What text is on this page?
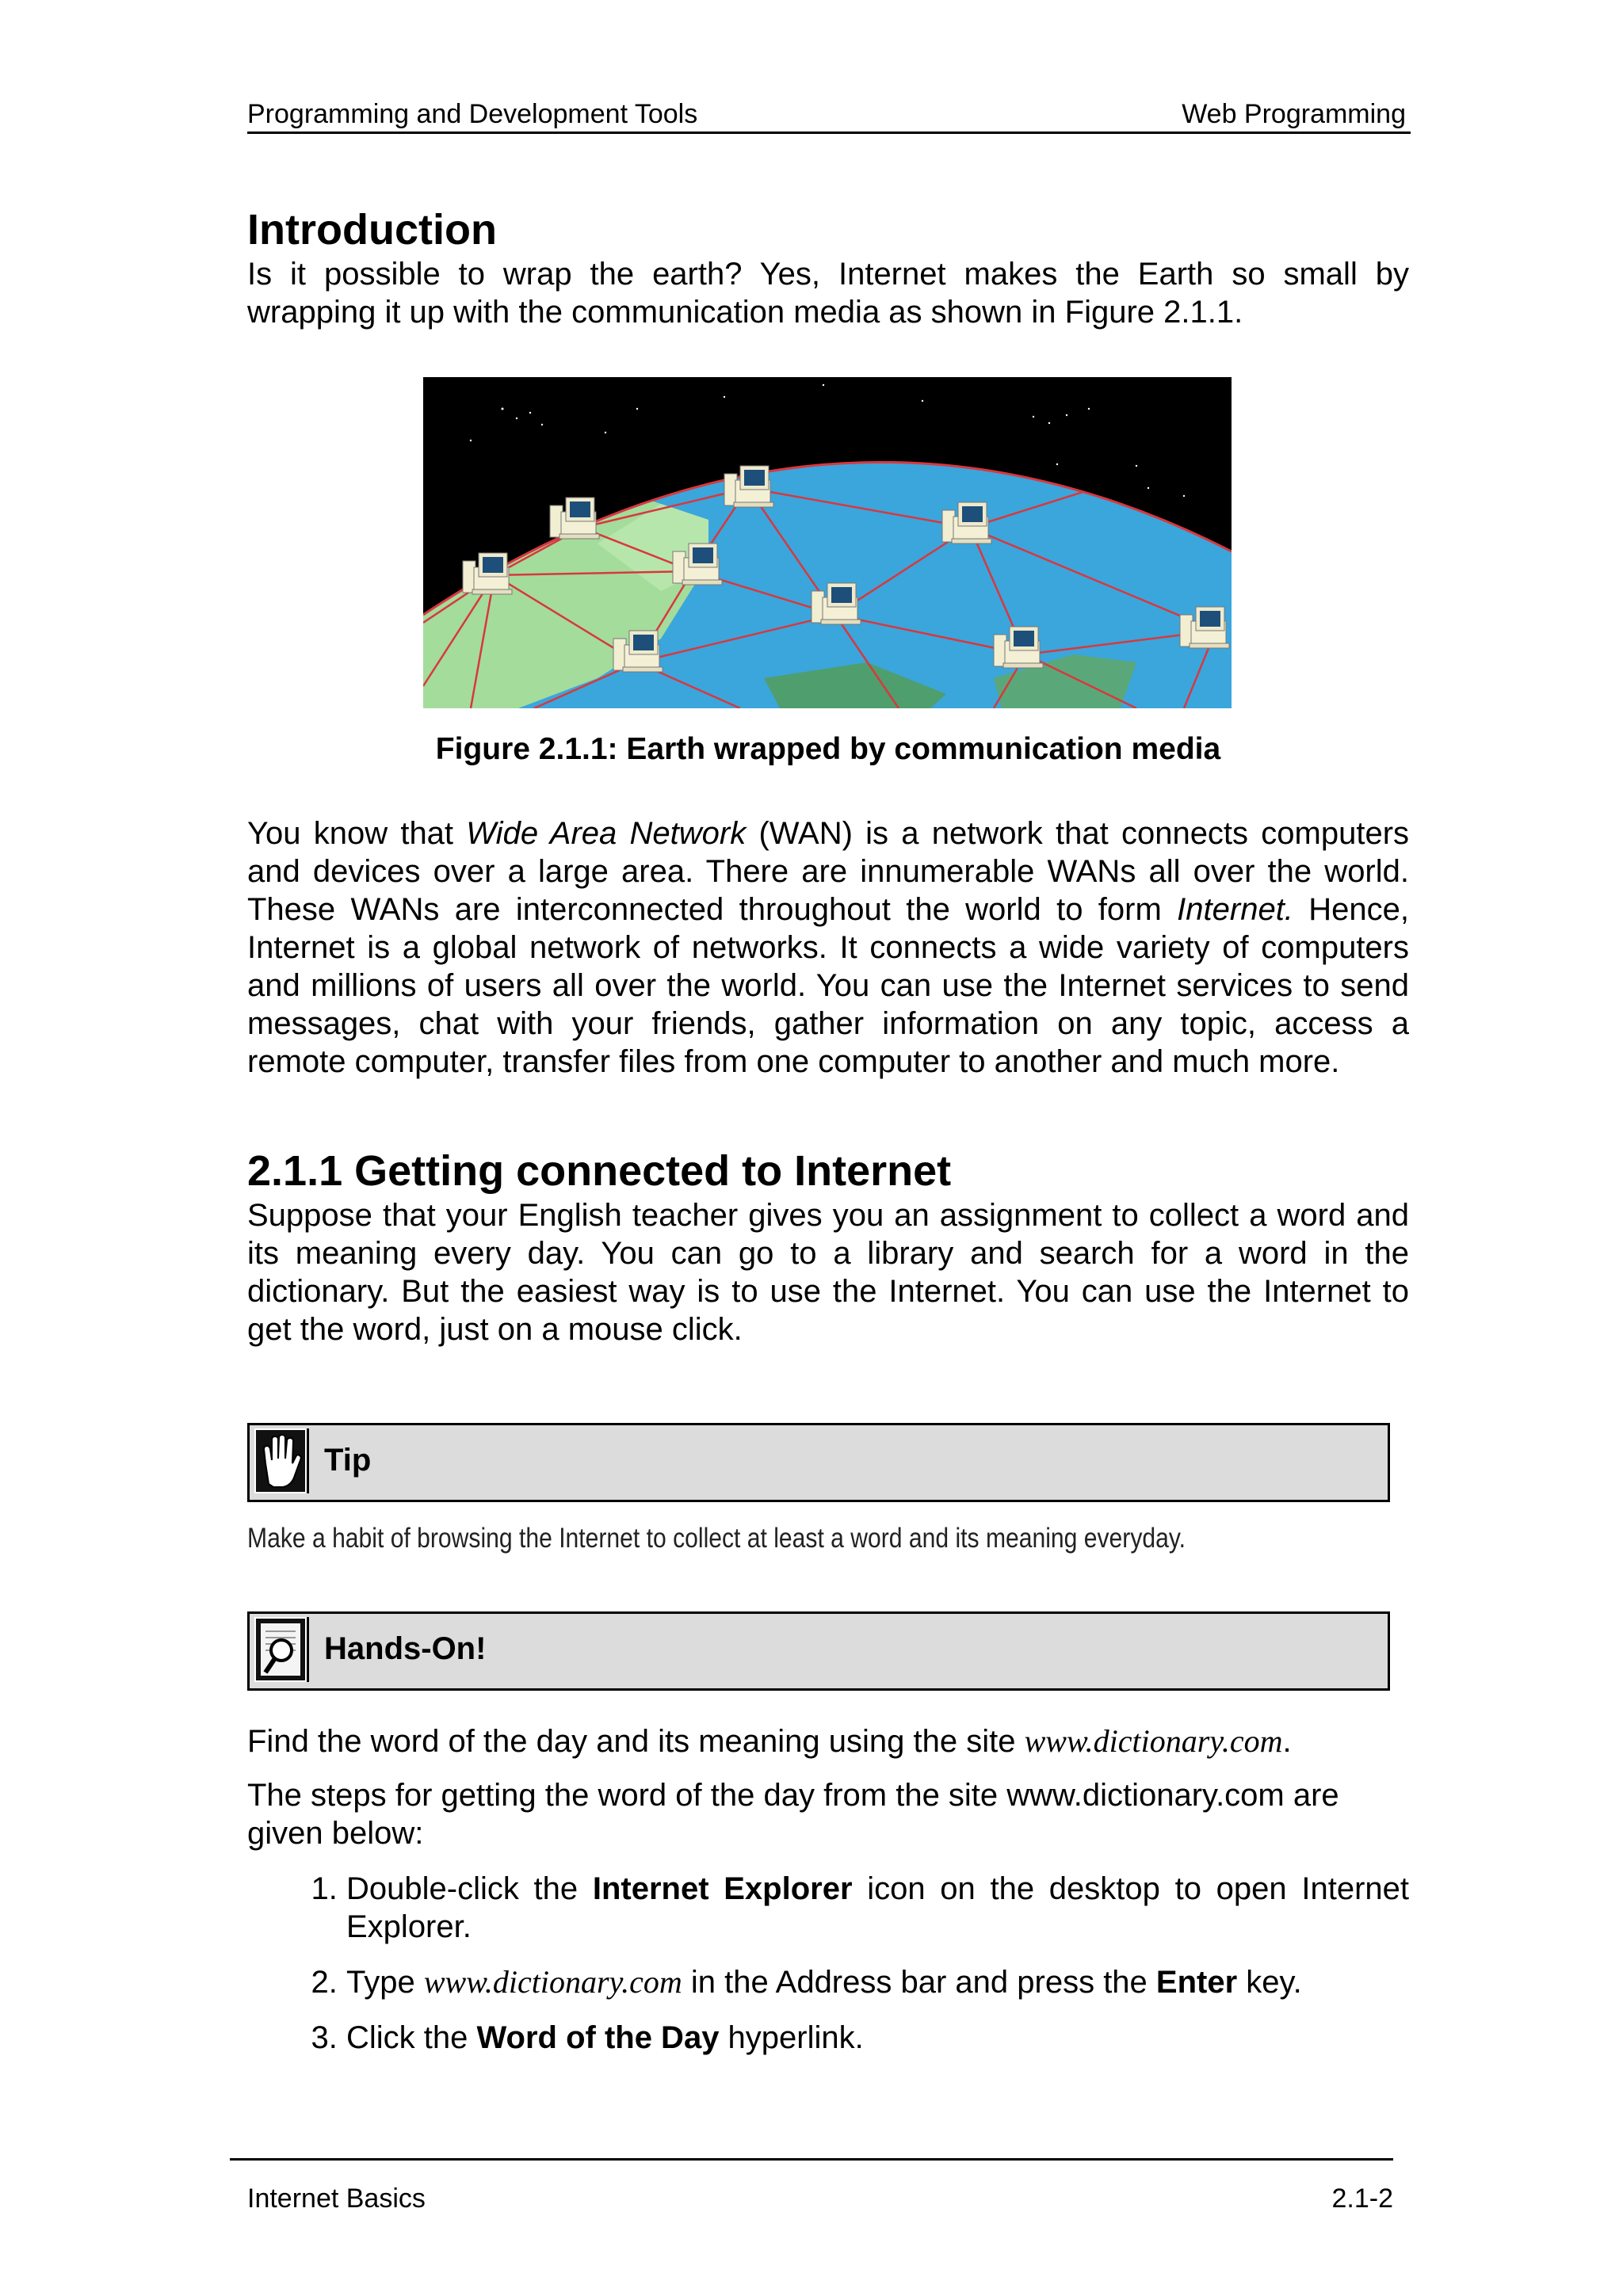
Programming and Development Tools	Web Programming
Introduction

Is it possible to wrap the earth? Yes, Internet makes the Earth so small by wrapping it up with the communication media as shown in Figure 2.1.1.

Figure 2.1.1: Earth wrapped by communication media

You know that Wide Area Network (WAN) is a network that connects computers and devices over a large area. There are innumerable WANs all over the world. These WANs are interconnected throughout the world to form Internet. Hence, Internet is a global network of networks. It connects a wide variety of computers and millions of users all over the world. You can use the Internet services to send messages, chat with your friends, gather information on any topic, access a remote computer, transfer files from one computer to another and much more.

2.1.1 Getting connected to Internet

Suppose that your English teacher gives you an assignment to collect a word and its meaning every day. You can go to a library and search for a word in the dictionary. But the easiest way is to use the Internet. You can use the Internet to get the word, just on a mouse click.

Tip

Make a habit of browsing the Internet to collect at least a word and its meaning everyday.

Hands-On!

Find the word of the day and its meaning using the site www.dictionary.com.

The steps for getting the word of the day from the site www.dictionary.com are given below:

1. Double-click the Internet Explorer icon on the desktop to open Internet Explorer.
2. Type www.dictionary.com in the Address bar and press the Enter key.
3. Click the Word of the Day hyperlink.
Internet Basics	2.1-2
